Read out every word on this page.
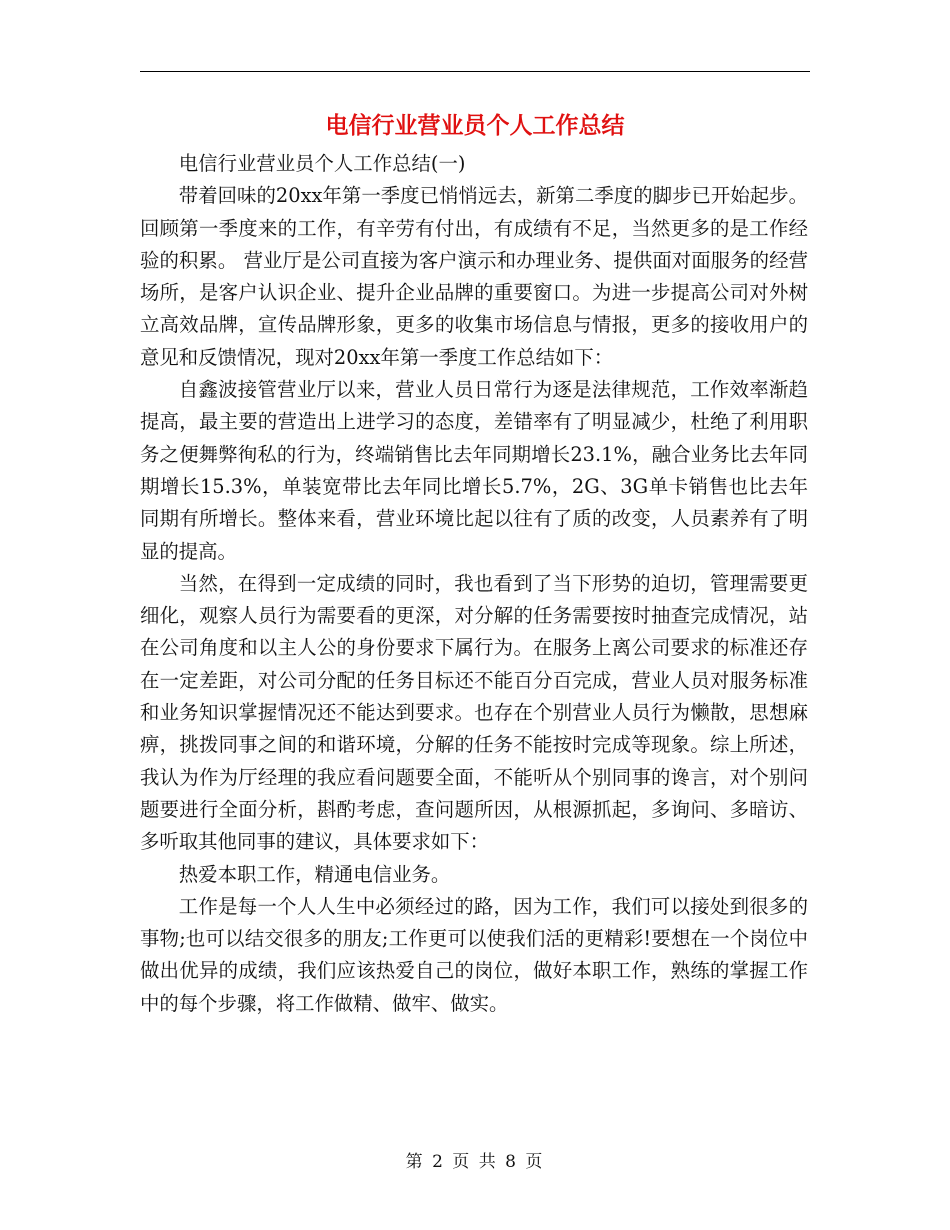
电信行业营业员个人工作总结

电信行业营业员个人工作总结(一)

带着回味的20xx年第一季度已悄悄远去，新第二季度的脚步已开始起步。回顾第一季度来的工作，有辛劳有付出，有成绩有不足，当然更多的是工作经验的积累。 营业厅是公司直接为客户演示和办理业务、提供面对面服务的经营场所，是客户认识企业、提升企业品牌的重要窗口。为进一步提高公司对外树立高效品牌，宣传品牌形象，更多的收集市场信息与情报，更多的接收用户的意见和反馈情况，现对20xx年第一季度工作总结如下：

自鑫波接管营业厅以来，营业人员日常行为逐是法律规范，工作效率渐趋提高，最主要的营造出上进学习的态度，差错率有了明显减少，杜绝了利用职务之便舞弊徇私的行为，终端销售比去年同期增长23.1%，融合业务比去年同期增长15.3%，单装宽带比去年同比增长5.7%，2G、3G单卡销售也比去年同期有所增长。整体来看，营业环境比起以往有了质的改变，人员素养有了明显的提高。

当然，在得到一定成绩的同时，我也看到了当下形势的迫切，管理需要更细化，观察人员行为需要看的更深，对分解的任务需要按时抽查完成情况，站在公司角度和以主人公的身份要求下属行为。在服务上离公司要求的标准还存在一定差距，对公司分配的任务目标还不能百分百完成，营业人员对服务标准和业务知识掌握情况还不能达到要求。也存在个别营业人员行为懒散，思想麻痹，挑拨同事之间的和谐环境，分解的任务不能按时完成等现象。综上所述，我认为作为厅经理的我应看问题要全面，不能听从个别同事的谗言，对个别问题要进行全面分析，斟酌考虑，查问题所因，从根源抓起，多询问、多暗访、多听取其他同事的建议，具体要求如下：

热爱本职工作，精通电信业务。

工作是每一个人人生中必须经过的路，因为工作，我们可以接处到很多的事物;也可以结交很多的朋友;工作更可以使我们活的更精彩!要想在一个岗位中做出优异的成绩，我们应该热爱自己的岗位，做好本职工作，熟练的掌握工作中的每个步骤，将工作做精、做牢、做实。

第 2 页 共 8 页
